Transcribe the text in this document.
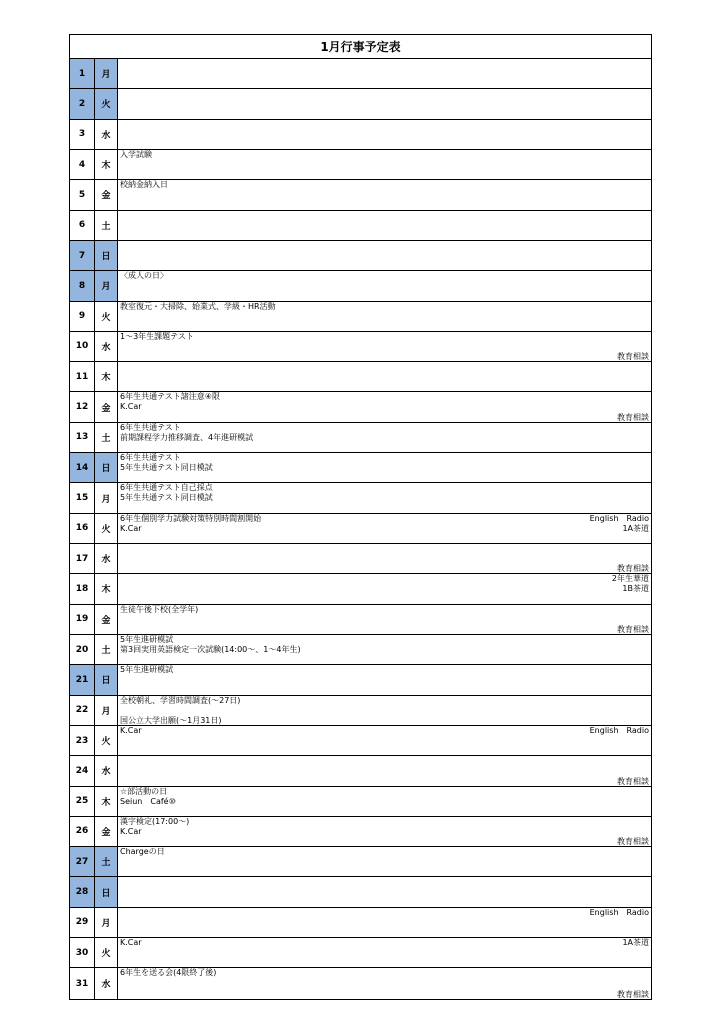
1月行事予定表
1	月
2	火
3	水
4	木
入学試験
5	金
校納金納入日
6	土
7	日
8	月
〈成人の日〉
9	火
教室復元・大掃除、始業式、学級・HR活動
10	水
1～3年生課題テスト
教育相談
11	木
12	金
6年生共通テスト諸注意④限
K.Car
教育相談
13	土
6年生共通テスト
前期課程学力推移調査、4年進研模試
14	日
6年生共通テスト
5年生共通テスト同日模試
15	月
6年生共通テスト自己採点
5年生共通テスト同日模試
16	火
6年生個別学力試験対策特別時間割開始
K.Car
English　Radio
1A茶道
17	水
教育相談
18	木
2年生華道
1B茶道
19	金
生徒午後下校(全学年)
教育相談
20	土
5年生進研模試
第3回実用英語検定一次試験(14:00～、1～4年生)
21	日
5年生進研模試
22	月
全校朝礼、学習時間調査(～27日)
国公立大学出願(～1月31日)
23	火
K.Car	English　Radio
24	水
教育相談
25	木
☆部活動の日
Seiun　Café⑩
26	金
漢字検定(17:00～)
K.Car
教育相談
27	土
Chargeの日
28	日
29	月
English　Radio
30	火
K.Car	1A茶道
31	水
6年生を送る会(4限終了後)
教育相談
